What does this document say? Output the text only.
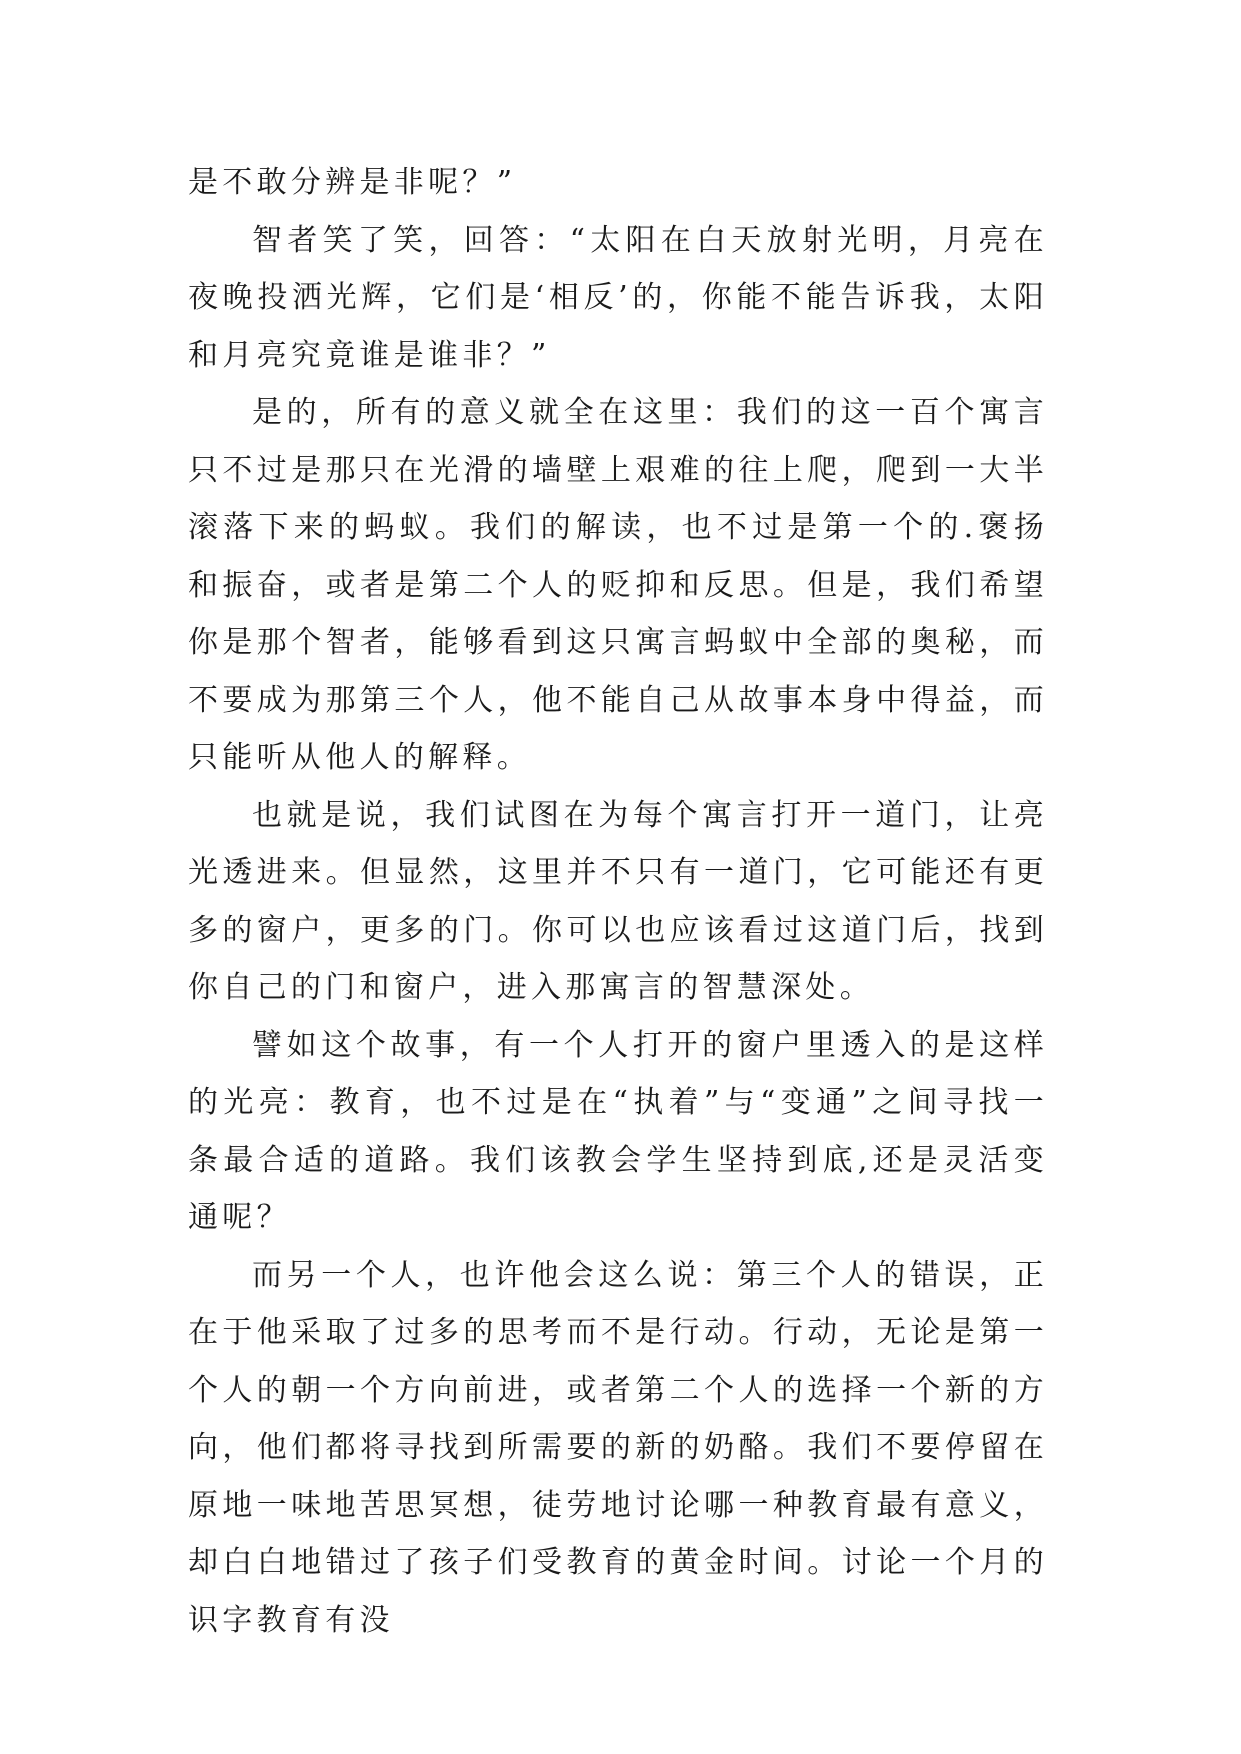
是不敢分辨是非呢？”

智者笑了笑，回答：“太阳在白天放射光明，月亮在夜晚投洒光辉，它们是‘相反’的，你能不能告诉我，太阳和月亮究竟谁是谁非？”

是的，所有的意义就全在这里：我们的这一百个寓言只不过是那只在光滑的墙壁上艰难的往上爬，爬到一大半滚落下来的蚂蚁。我们的解读，也不过是第一个的.褒扬和振奋，或者是第二个人的贬抑和反思。但是，我们希望你是那个智者，能够看到这只寓言蚂蚁中全部的奥秘，而不要成为那第三个人，他不能自己从故事本身中得益，而只能听从他人的解释。

也就是说，我们试图在为每个寓言打开一道门，让亮光透进来。但显然，这里并不只有一道门，它可能还有更多的窗户，更多的门。你可以也应该看过这道门后，找到你自己的门和窗户，进入那寓言的智慧深处。

譬如这个故事，有一个人打开的窗户里透入的是这样的光亮：教育，也不过是在“执着”与“变通”之间寻找一条最合适的道路。我们该教会学生坚持到底,还是灵活变通呢？

而另一个人，也许他会这么说：第三个人的错误，正在于他采取了过多的思考而不是行动。行动，无论是第一个人的朝一个方向前进，或者第二个人的选择一个新的方向，他们都将寻找到所需要的新的奶酪。我们不要停留在原地一味地苦思冥想，徒劳地讨论哪一种教育最有意义，却白白地错过了孩子们受教育的黄金时间。讨论一个月的识字教育有没
